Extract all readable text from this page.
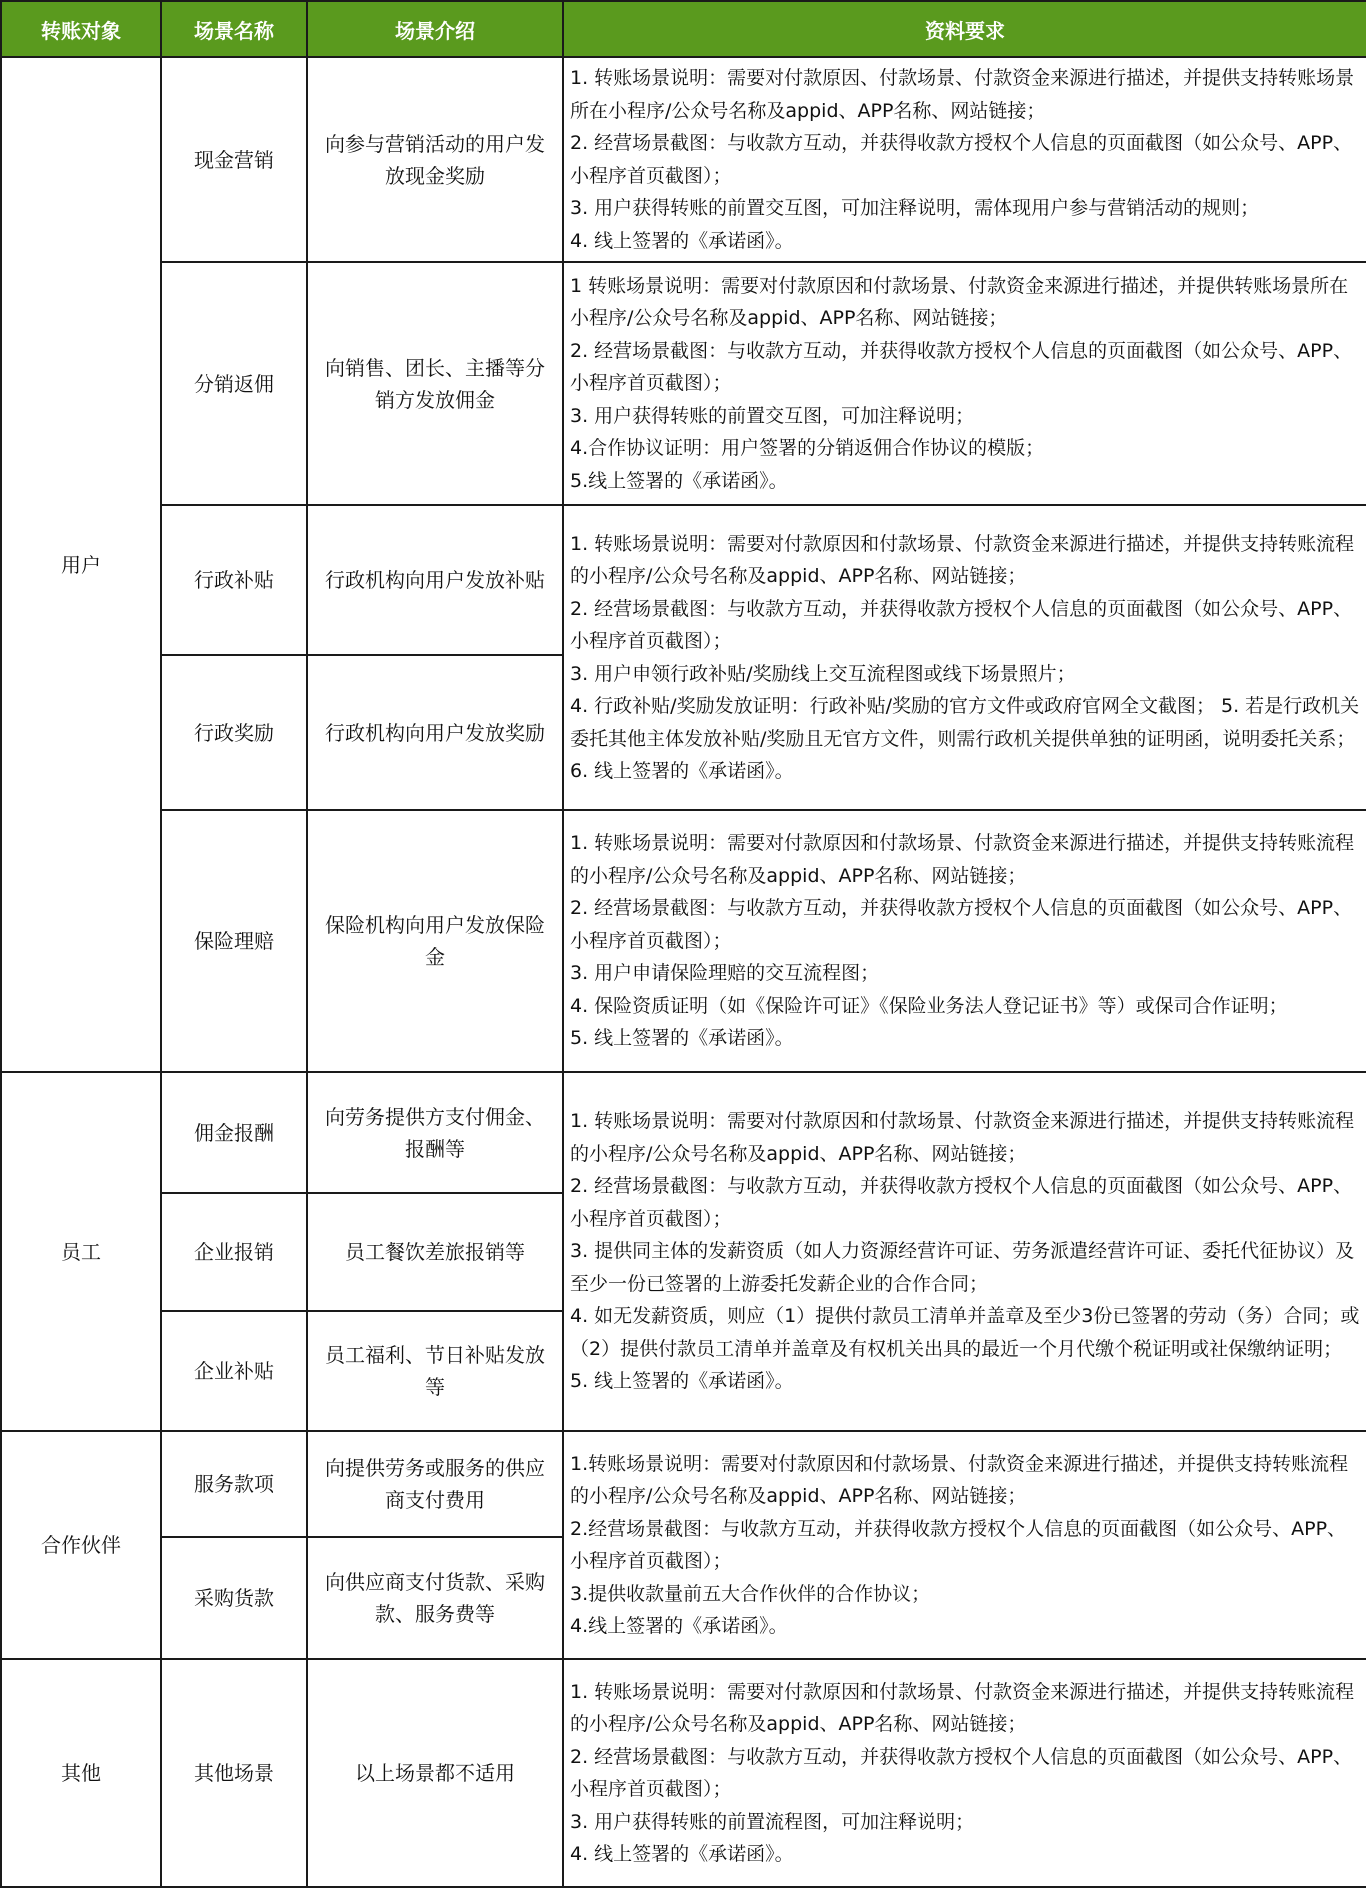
转账对象	场景名称	场景介绍	资料要求
用户	现金营销	向参与营销活动的用户发放现金奖励	1. 转账场景说明：需要对付款原因、付款场景、付款资金来源进行描述，并提供支持转账场景所在小程序/公众号名称及appid、APP名称、网站链接；
2. 经营场景截图：与收款方互动，并获得收款方授权个人信息的页面截图（如公众号、APP、小程序首页截图）；
3. 用户获得转账的前置交互图，可加注释说明，需体现用户参与营销活动的规则；
4. 线上签署的《承诺函》。

	分销返佣	向销售、团长、主播等分销方发放佣金	1 转账场景说明：需要对付款原因和付款场景、付款资金来源进行描述，并提供转账场景所在小程序/公众号名称及appid、APP名称、网站链接；
2. 经营场景截图：与收款方互动，并获得收款方授权个人信息的页面截图（如公众号、APP、小程序首页截图）；
3. 用户获得转账的前置交互图，可加注释说明；
4.合作协议证明：用户签署的分销返佣合作协议的模版；
5.线上签署的《承诺函》。

	行政补贴	行政机构向用户发放补贴	1. 转账场景说明：需要对付款原因和付款场景、付款资金来源进行描述，并提供支持转账流程的小程序/公众号名称及appid、APP名称、网站链接；
2. 经营场景截图：与收款方互动，并获得收款方授权个人信息的页面截图（如公众号、APP、小程序首页截图）；
3. 用户申领行政补贴/奖励线上交互流程图或线下场景照片；
4. 行政补贴/奖励发放证明：行政补贴/奖励的官方文件或政府官网全文截图； 5. 若是行政机关委托其他主体发放补贴/奖励且无官方文件，则需行政机关提供单独的证明函，说明委托关系；
6. 线上签署的《承诺函》。

	行政奖励	行政机构向用户发放奖励	
	保险理赔	保险机构向用户发放保险金	1. 转账场景说明：需要对付款原因和付款场景、付款资金来源进行描述，并提供支持转账流程的小程序/公众号名称及appid、APP名称、网站链接；
2. 经营场景截图：与收款方互动，并获得收款方授权个人信息的页面截图（如公众号、APP、小程序首页截图）；
3. 用户申请保险理赔的交互流程图；
4. 保险资质证明（如《保险许可证》《保险业务法人登记证书》等）或保司合作证明；
5. 线上签署的《承诺函》。

员工	佣金报酬	向劳务提供方支付佣金、报酬等	1. 转账场景说明：需要对付款原因和付款场景、付款资金来源进行描述，并提供支持转账流程的小程序/公众号名称及appid、APP名称、网站链接；
2. 经营场景截图：与收款方互动，并获得收款方授权个人信息的页面截图（如公众号、APP、小程序首页截图）；
3. 提供同主体的发薪资质（如人力资源经营许可证、劳务派遣经营许可证、委托代征协议）及至少一份已签署的上游委托发薪企业的合作合同；
4. 如无发薪资质，则应（1）提供付款员工清单并盖章及至少3份已签署的劳动（务）合同；或（2）提供付款员工清单并盖章及有权机关出具的最近一个月代缴个税证明或社保缴纳证明；
5. 线上签署的《承诺函》。

	企业报销	员工餐饮差旅报销等	
	企业补贴	员工福利、节日补贴发放等	
合作伙伴	服务款项	向提供劳务或服务的供应商支付费用	1.转账场景说明：需要对付款原因和付款场景、付款资金来源进行描述，并提供支持转账流程的小程序/公众号名称及appid、APP名称、网站链接；
2.经营场景截图：与收款方互动，并获得收款方授权个人信息的页面截图（如公众号、APP、小程序首页截图）；
3.提供收款量前五大合作伙伴的合作协议；
4.线上签署的《承诺函》。

	采购货款	向供应商支付货款、采购款、服务费等	
其他	其他场景	以上场景都不适用	1. 转账场景说明：需要对付款原因和付款场景、付款资金来源进行描述，并提供支持转账流程的小程序/公众号名称及appid、APP名称、网站链接；
2. 经营场景截图：与收款方互动，并获得收款方授权个人信息的页面截图（如公众号、APP、小程序首页截图）；
3. 用户获得转账的前置流程图，可加注释说明；
4. 线上签署的《承诺函》。
